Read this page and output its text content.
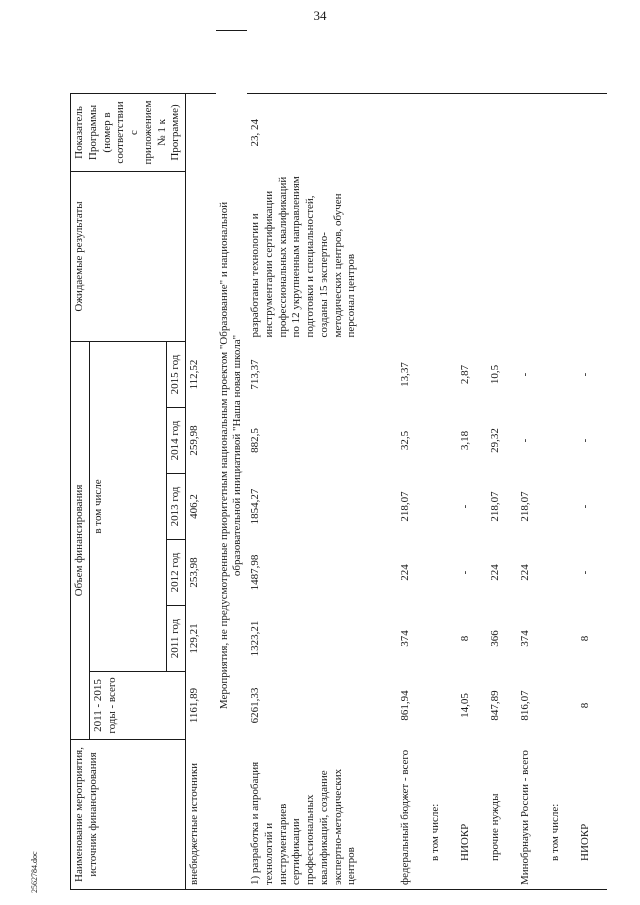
34
2562784.doc	Наименование мероприятия, источник финансирования	Объем финансирования						Ожидаемые результаты	Показатель Программы (номер в соответствии с приложением № 1 к Программе)	
	2011 - 2015 годы - всего	в том числе							
		2011 год	2012 год	2013 год	2014 год	2015 год			
внебюджетные источники	1161,89	129,21	253,98	406,2	259,98	112,52			
	Мероприятия, не предусмотренные приоритетным национальным проектом "Образование" и национальной образовательной инициативой "Наша новая школа"								
1) разработка и апробация технологий и инструментариев сертификации профессиональных квалификаций, создание экспертно-методических центров	6261,33	1323,21	1487,98	1854,27	882,5	713,37	разработаны технологии и инструментарии сертификации профессиональных квалификаций по 12 укрупненным направлениям подготовки и специальностей, созданы 15 экспертно-методических центров, обучен персонал центров	23, 24	
федеральный бюджет - всего	861,94	374	224	218,07	32,5	13,37			
в том числе:									
НИОКР	14,05	8	-	-	3,18	2,87			
прочие нужды	847,89	366	224	218,07	29,32	10,5			
Минобрнауки России - всего	816,07	374	224	218,07	-	-			
в том числе:									
НИОКР	8	8	-	-	-	-			
